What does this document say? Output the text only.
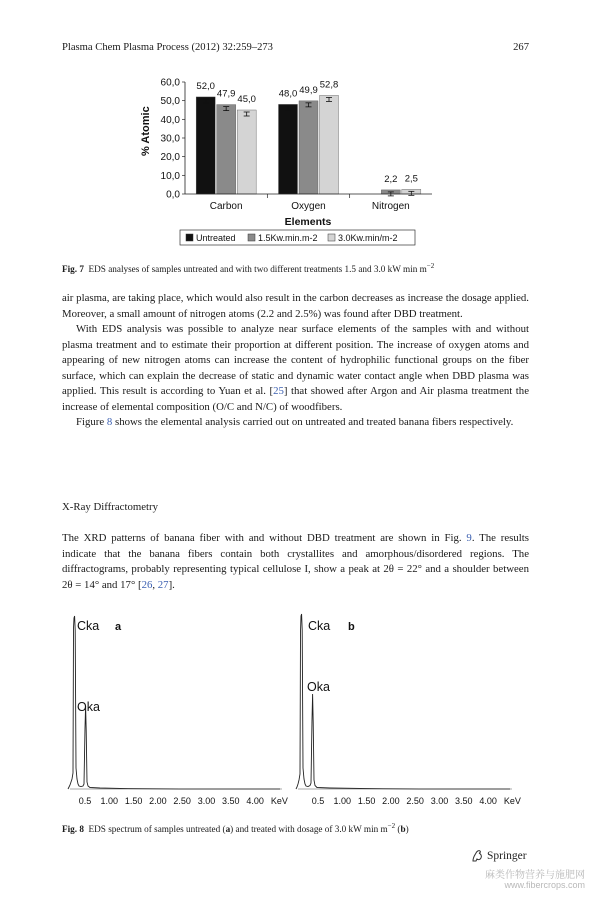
Plasma Chem Plasma Process (2012) 32:259–273	267
52,0
47,9 45,0
48,0 49,9 52,8
2,2 2,5
0,0
10,0
20,0
30,0
40,0
50,0
60,0
Carbon	Oxygen	Nitrogen
% Atomic
Elements
Untreated 1.5Kw.min.m-2 3.0Kw.min/m-2
Fig. 7 EDS analyses of samples untreated and with two different treatments 1.5 and 3.0 kW $\min m^{-2}$

air plasma, are taking place, which would also result in the carbon decreases as increase the dosage applied. Moreover, a small amount of nitrogen atoms (2.2 and 2.5%) was found after DBD treatment.

With EDS analysis was possible to analyze near surface elements of the samples with and without plasma treatment and to estimate their proportion at different position. The increase of oxygen atoms and appearing of new nitrogen atoms can increase the content of hydrophilic functional groups on the fiber surface, which can explain the decrease of static and dynamic water contact angle when DBD plasma was applied. This result is according to Yuan et al. [25] that showed after Argon and Air plasma treatment the increase of elemental composition (O/C and N/C) of woodfibers.

Figure 8 shows the elemental analysis carried out on untreated and treated banana fibers respectively.

X-Ray Diffractometry

The XRD patterns of banana fiber with and without DBD treatment are shown in Fig. 9. The results indicate that the banana fibers contain both crystallites and amorphous/disordered regions. The diffractograms, probably representing typical cellulose I, show a peak at 2θ = 22° and a shoulder between 2θ = 14° and 17° [26, 27].

Cka a
Oka
0.5 1.00 1.50 2.00 2.50 3.00 3.50 4.00 KeV
Cka b
Oka
0.5 1.00 1.50 2.00 2.50 3.00 3.50 4.00 KeV
Fig. 8 EDS spectrum of samples untreated (a) and treated with dosage of 3.0 kW $\min m^{-2}$ (b)
Springer
麻类作物营养与施肥网
www.fibercrops.com
